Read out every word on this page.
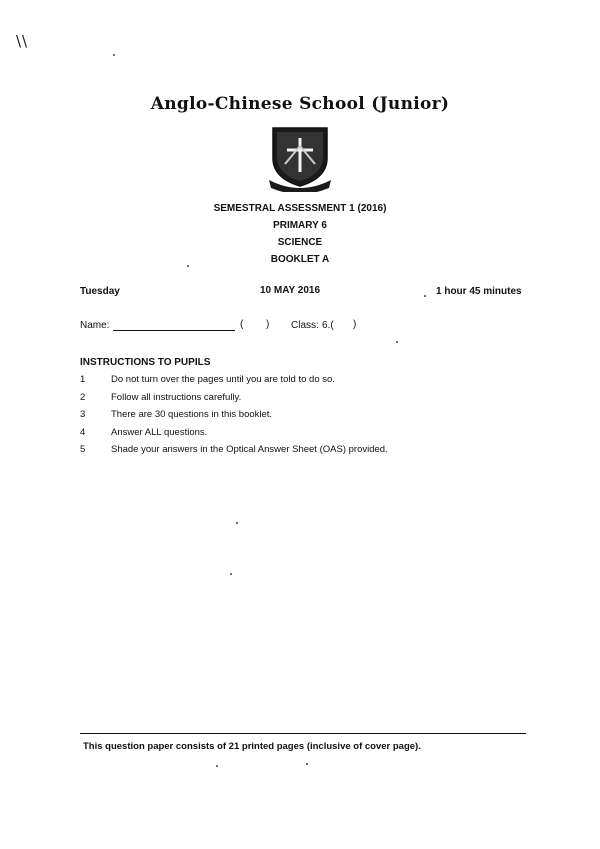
\\
Anglo-Chinese School (Junior)
SEMESTRAL ASSESSMENT 1 (2016)
PRIMARY 6
SCIENCE
BOOKLET A
Tuesday	10 MAY 2016	1 hour 45 minutes
Name:	( ) Class: 6.( )
INSTRUCTIONS TO PUPILS
1	Do not turn over the pages until you are told to do so.
2	Follow all instructions carefully.
3	There are 30 questions in this booklet.
4	Answer ALL questions.
5	Shade your answers in the Optical Answer Sheet (OAS) provided.
This question paper consists of 21 printed pages (inclusive of cover page).
